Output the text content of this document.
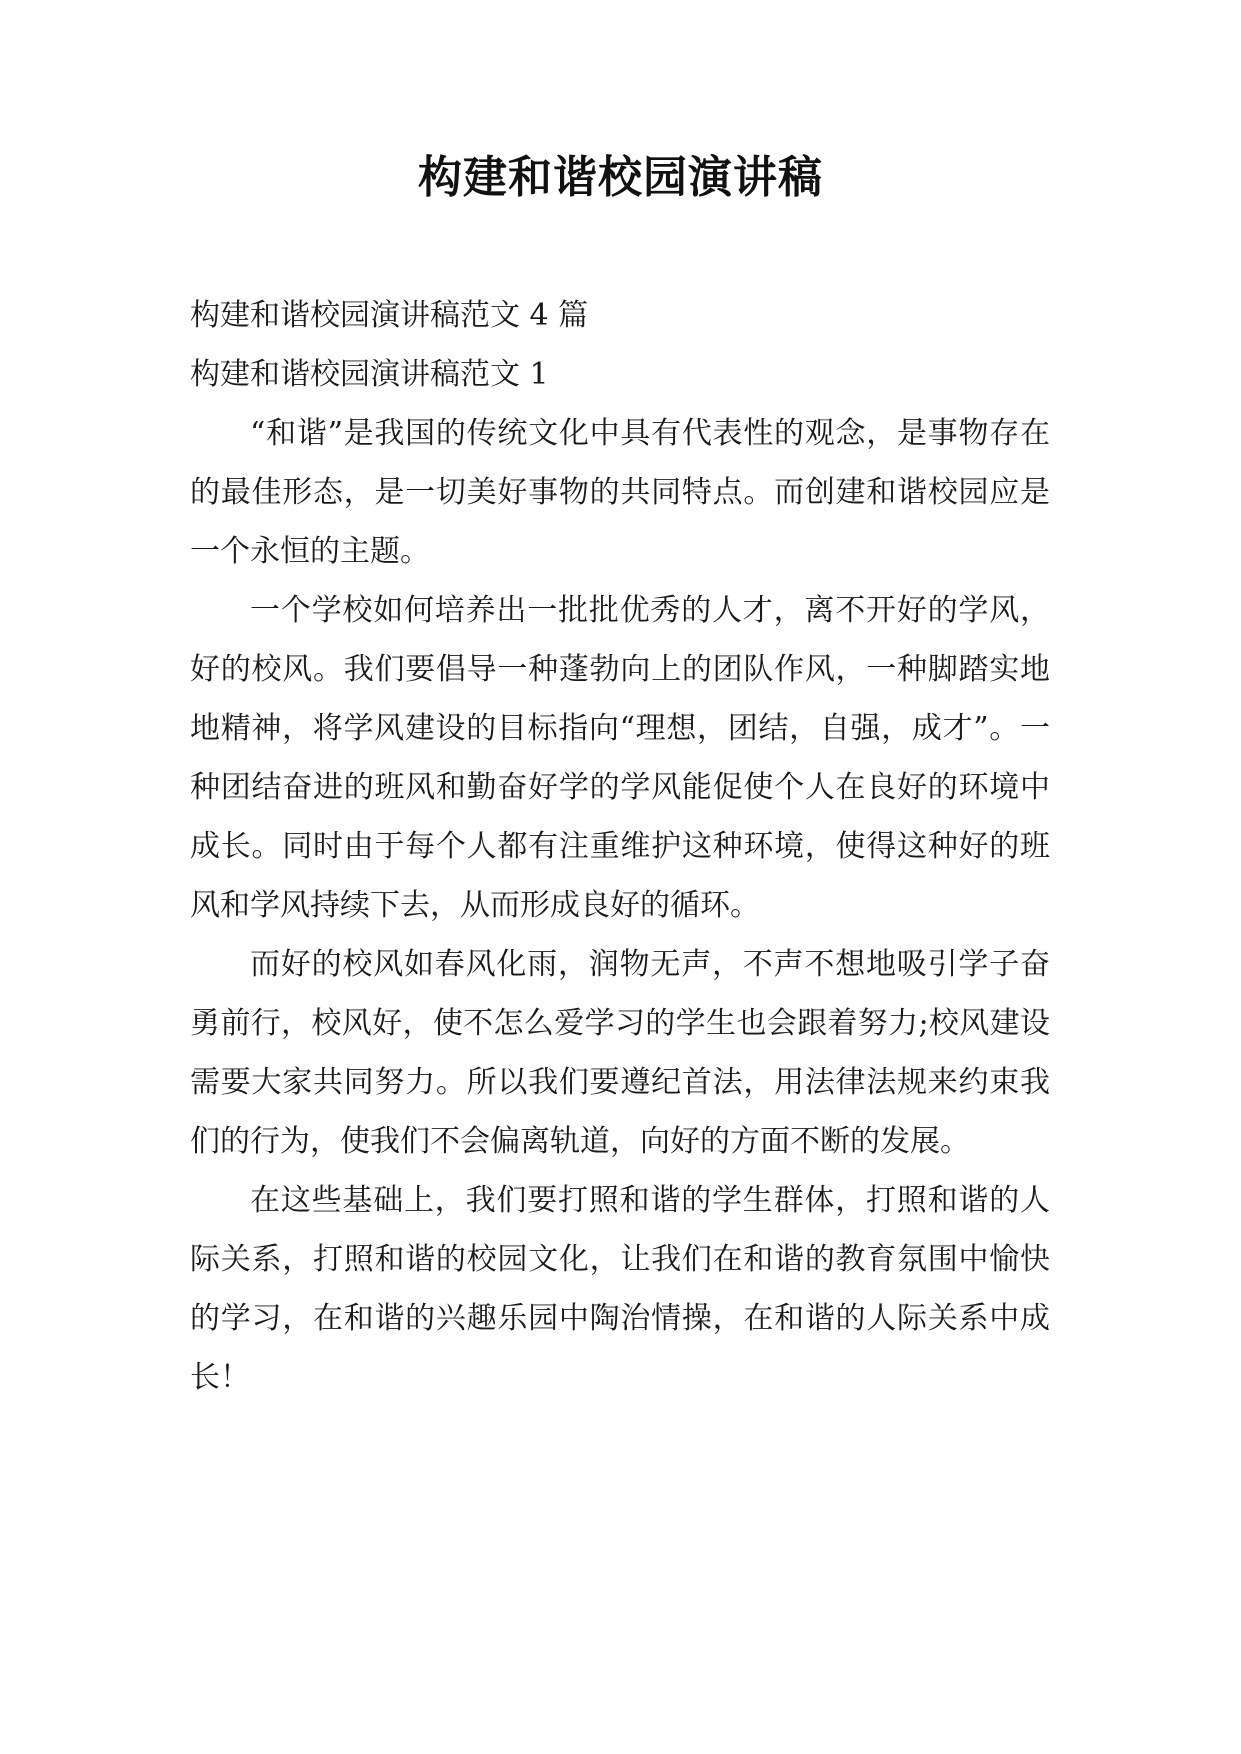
构建和谐校园演讲稿

构建和谐校园演讲稿范文 4 篇

构建和谐校园演讲稿范文 1

“和谐”是我国的传统文化中具有代表性的观念，是事物存在的最佳形态，是一切美好事物的共同特点。而创建和谐校园应是一个永恒的主题。

一个学校如何培养出一批批优秀的人才，离不开好的学风，好的校风。我们要倡导一种蓬勃向上的团队作风，一种脚踏实地地精神，将学风建设的目标指向“理想，团结，自强，成才”。一种团结奋进的班风和勤奋好学的学风能促使个人在良好的环境中成长。同时由于每个人都有注重维护这种环境，使得这种好的班风和学风持续下去，从而形成良好的循环。

而好的校风如春风化雨，润物无声，不声不想地吸引学子奋勇前行，校风好，使不怎么爱学习的学生也会跟着努力;校风建设需要大家共同努力。所以我们要遵纪首法，用法律法规来约束我们的行为，使我们不会偏离轨道，向好的方面不断的发展。

在这些基础上，我们要打照和谐的学生群体，打照和谐的人际关系，打照和谐的校园文化，让我们在和谐的教育氛围中愉快的学习，在和谐的兴趣乐园中陶治情操，在和谐的人际关系中成长！
